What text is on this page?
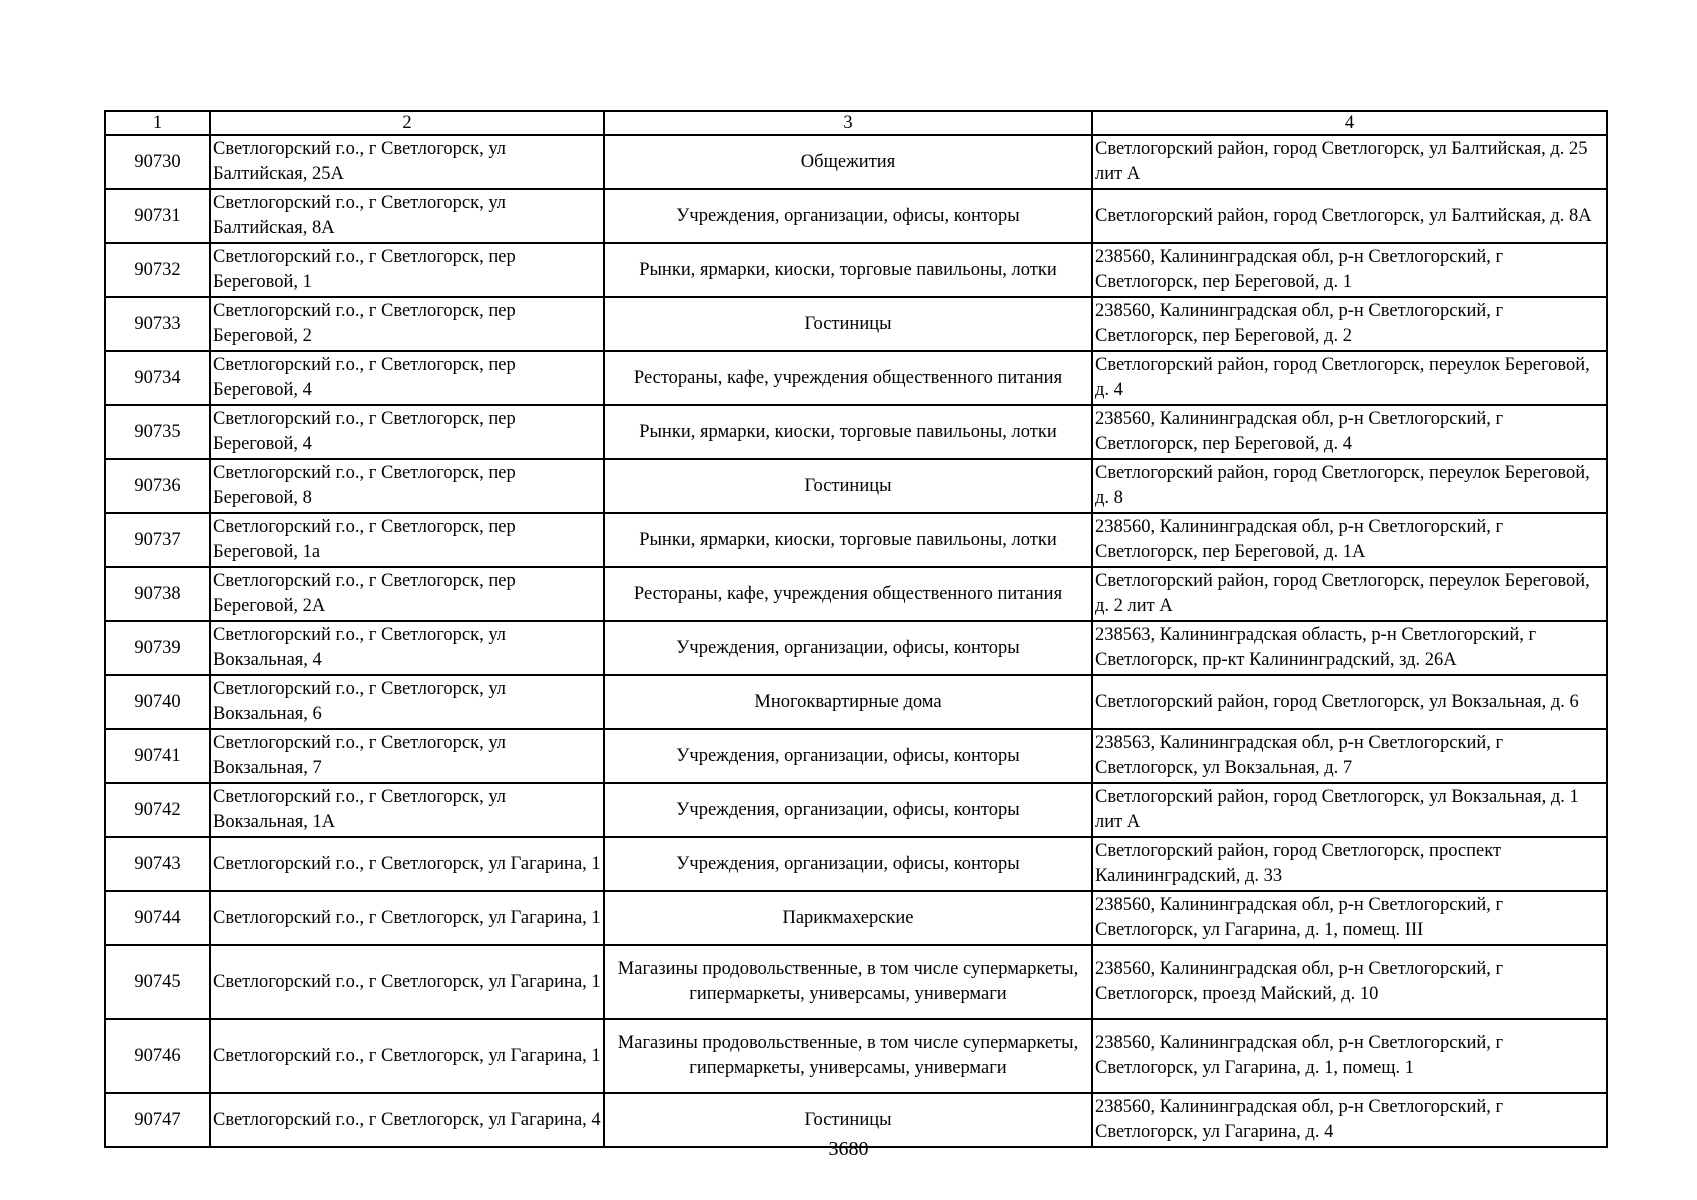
1	2	3	4
90730	Светлогорский г.о., г Светлогорск, ул Балтийская, 25А	Общежития	Светлогорский район, город Светлогорск, ул Балтийская, д. 25 лит А
90731	Светлогорский г.о., г Светлогорск, ул Балтийская, 8А	Учреждения, организации, офисы, конторы	Светлогорский район, город Светлогорск, ул Балтийская, д. 8А
90732	Светлогорский г.о., г Светлогорск, пер Береговой, 1	Рынки, ярмарки, киоски, торговые павильоны, лотки	238560, Калининградская обл, р-н Светлогорский, г Светлогорск, пер Береговой, д. 1
90733	Светлогорский г.о., г Светлогорск, пер Береговой, 2	Гостиницы	238560, Калининградская обл, р-н Светлогорский, г Светлогорск, пер Береговой, д. 2
90734	Светлогорский г.о., г Светлогорск, пер Береговой, 4	Рестораны, кафе, учреждения общественного питания	Светлогорский район, город Светлогорск, переулок Береговой, д. 4
90735	Светлогорский г.о., г Светлогорск, пер Береговой, 4	Рынки, ярмарки, киоски, торговые павильоны, лотки	238560, Калининградская обл, р-н Светлогорский, г Светлогорск, пер Береговой, д. 4
90736	Светлогорский г.о., г Светлогорск, пер Береговой, 8	Гостиницы	Светлогорский район, город Светлогорск, переулок Береговой, д. 8
90737	Светлогорский г.о., г Светлогорск, пер Береговой, 1а	Рынки, ярмарки, киоски, торговые павильоны, лотки	238560, Калининградская обл, р-н Светлогорский, г Светлогорск, пер Береговой, д. 1А
90738	Светлогорский г.о., г Светлогорск, пер Береговой, 2А	Рестораны, кафе, учреждения общественного питания	Светлогорский район, город Светлогорск, переулок Береговой, д. 2 лит А
90739	Светлогорский г.о., г Светлогорск, ул Вокзальная, 4	Учреждения, организации, офисы, конторы	238563, Калининградская область, р-н Светлогорский, г Светлогорск, пр-кт Калининградский, зд. 26А
90740	Светлогорский г.о., г Светлогорск, ул Вокзальная, 6	Многоквартирные дома	Светлогорский район, город Светлогорск, ул Вокзальная, д. 6
90741	Светлогорский г.о., г Светлогорск, ул Вокзальная, 7	Учреждения, организации, офисы, конторы	238563, Калининградская обл, р-н Светлогорский, г Светлогорск, ул Вокзальная, д. 7
90742	Светлогорский г.о., г Светлогорск, ул Вокзальная, 1А	Учреждения, организации, офисы, конторы	Светлогорский район, город Светлогорск, ул Вокзальная, д. 1 лит А
90743	Светлогорский г.о., г Светлогорск, ул Гагарина, 1	Учреждения, организации, офисы, конторы	Светлогорский район, город Светлогорск, проспект Калининградский, д. 33
90744	Светлогорский г.о., г Светлогорск, ул Гагарина, 1	Парикмахерские	238560, Калининградская обл, р-н Светлогорский, г Светлогорск, ул Гагарина, д. 1, помещ. III
90745	Светлогорский г.о., г Светлогорск, ул Гагарина, 1	Магазины продовольственные, в том числе супермаркеты, гипермаркеты, универсамы, универмаги	238560, Калининградская обл, р-н Светлогорский, г Светлогорск, проезд Майский, д. 10
90746	Светлогорский г.о., г Светлогорск, ул Гагарина, 1	Магазины продовольственные, в том числе супермаркеты, гипермаркеты, универсамы, универмаги	238560, Калининградская обл, р-н Светлогорский, г Светлогорск, ул Гагарина, д. 1, помещ. 1
90747	Светлогорский г.о., г Светлогорск, ул Гагарина, 4	Гостиницы	238560, Калининградская обл, р-н Светлогорский, г Светлогорск, ул Гагарина, д. 4
3680
